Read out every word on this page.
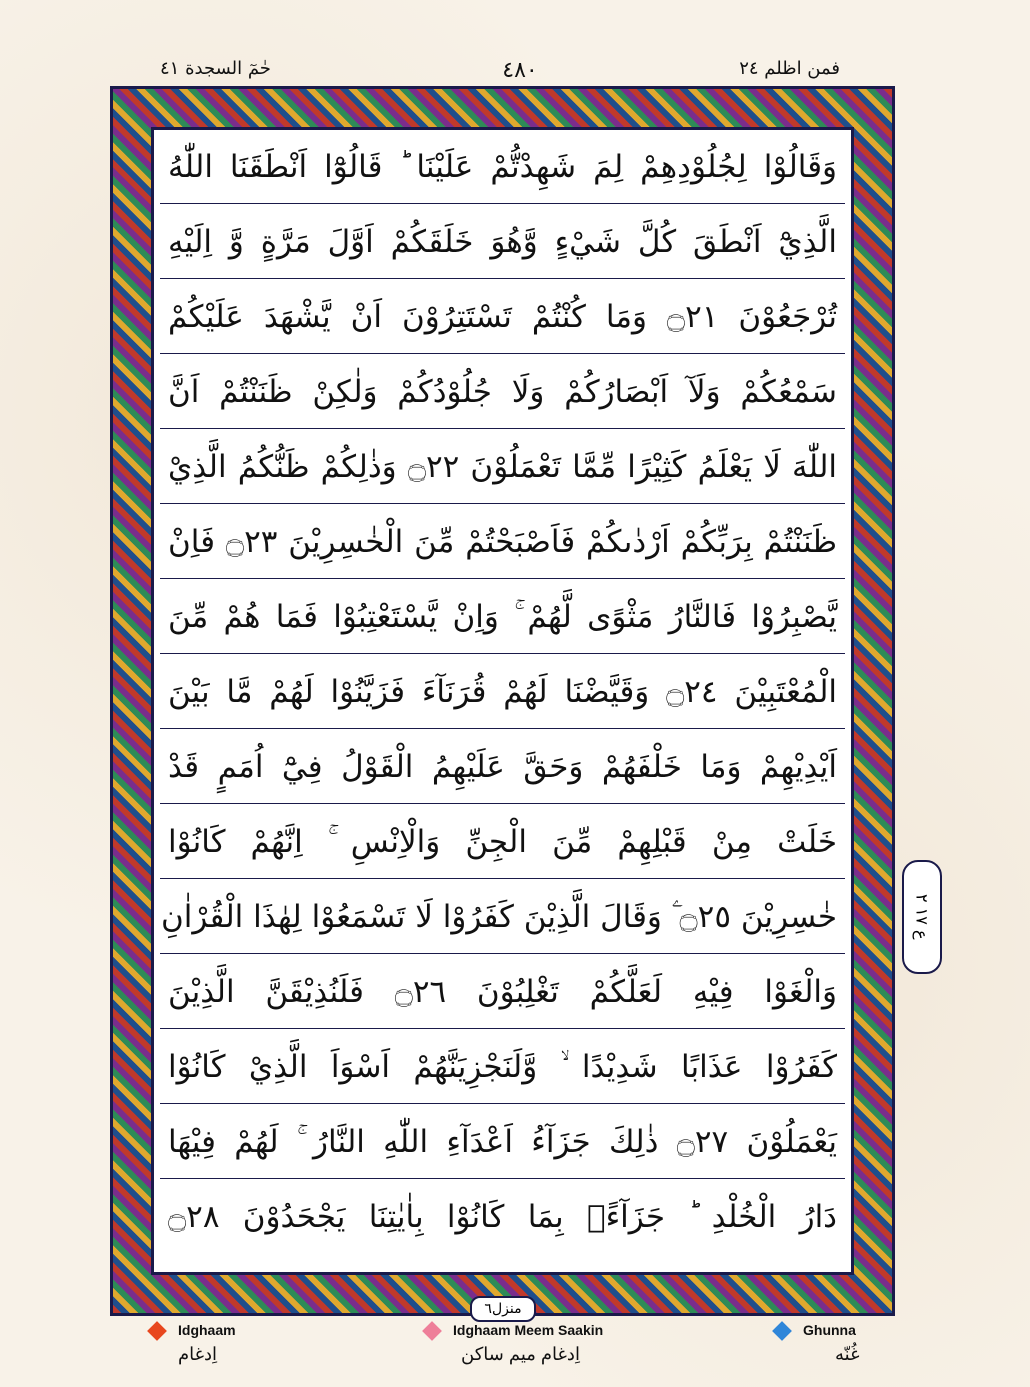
فمن اظلم ٢٤
٤٨٠
حٰمٓ السجدة ٤١
وَقَالُوْا لِجُلُوْدِهِمْ لِمَ شَهِدْتُّمْ عَلَيْنَا ؕ قَالُوْٓا اَنْطَقَنَا اللّٰهُ
الَّذِيْٓ اَنْطَقَ كُلَّ شَيْءٍ وَّهُوَ خَلَقَكُمْ اَوَّلَ مَرَّةٍ وَّ اِلَيْهِ
تُرْجَعُوْنَ ۝٢١ وَمَا كُنْتُمْ تَسْتَتِرُوْنَ اَنْ يَّشْهَدَ عَلَيْكُمْ
سَمْعُكُمْ وَلَآ اَبْصَارُكُمْ وَلَا جُلُوْدُكُمْ وَلٰكِنْ ظَنَنْتُمْ اَنَّ
اللّٰهَ لَا يَعْلَمُ كَثِيْرًا مِّمَّا تَعْمَلُوْنَ ۝٢٢ وَذٰلِكُمْ ظَنُّكُمُ الَّذِيْ
ظَنَنْتُمْ بِرَبِّكُمْ اَرْدٰىكُمْ فَاَصْبَحْتُمْ مِّنَ الْخٰسِرِيْنَ ۝٢٣ فَاِنْ
يَّصْبِرُوْا فَالنَّارُ مَثْوًى لَّهُمْ ۚ وَاِنْ يَّسْتَعْتِبُوْا فَمَا هُمْ مِّنَ
الْمُعْتَبِيْنَ ۝٢٤ وَقَيَّضْنَا لَهُمْ قُرَنَآءَ فَزَيَّنُوْا لَهُمْ مَّا بَيْنَ
اَيْدِيْهِمْ وَمَا خَلْفَهُمْ وَحَقَّ عَلَيْهِمُ الْقَوْلُ فِيْٓ اُمَمٍ قَدْ
خَلَتْ مِنْ قَبْلِهِمْ مِّنَ الْجِنِّ وَالْاِنْسِ ۚ اِنَّهُمْ كَانُوْا
خٰسِرِيْنَ ۝٢٥ ۧ وَقَالَ الَّذِيْنَ كَفَرُوْا لَا تَسْمَعُوْا لِهٰذَا الْقُرْاٰنِ
وَالْغَوْا فِيْهِ لَعَلَّكُمْ تَغْلِبُوْنَ ۝٢٦ فَلَنُذِيْقَنَّ الَّذِيْنَ
كَفَرُوْا عَذَابًا شَدِيْدًا ۙ وَّلَنَجْزِيَنَّهُمْ اَسْوَاَ الَّذِيْ كَانُوْا
يَعْمَلُوْنَ ۝٢٧ ذٰلِكَ جَزَآءُ اَعْدَآءِ اللّٰهِ النَّارُ ۚ لَهُمْ فِيْهَا
دَارُ الْخُلْدِ ؕ جَزَآءًۢ بِمَا كَانُوْا بِاٰيٰتِنَا يَجْحَدُوْنَ ۝٢٨
منزل٦
ع ١٧ ٢
Idghaam
اِدغام
Idghaam Meem Saakin
اِدغام میم ساکن
Ghunna
غُنّه
